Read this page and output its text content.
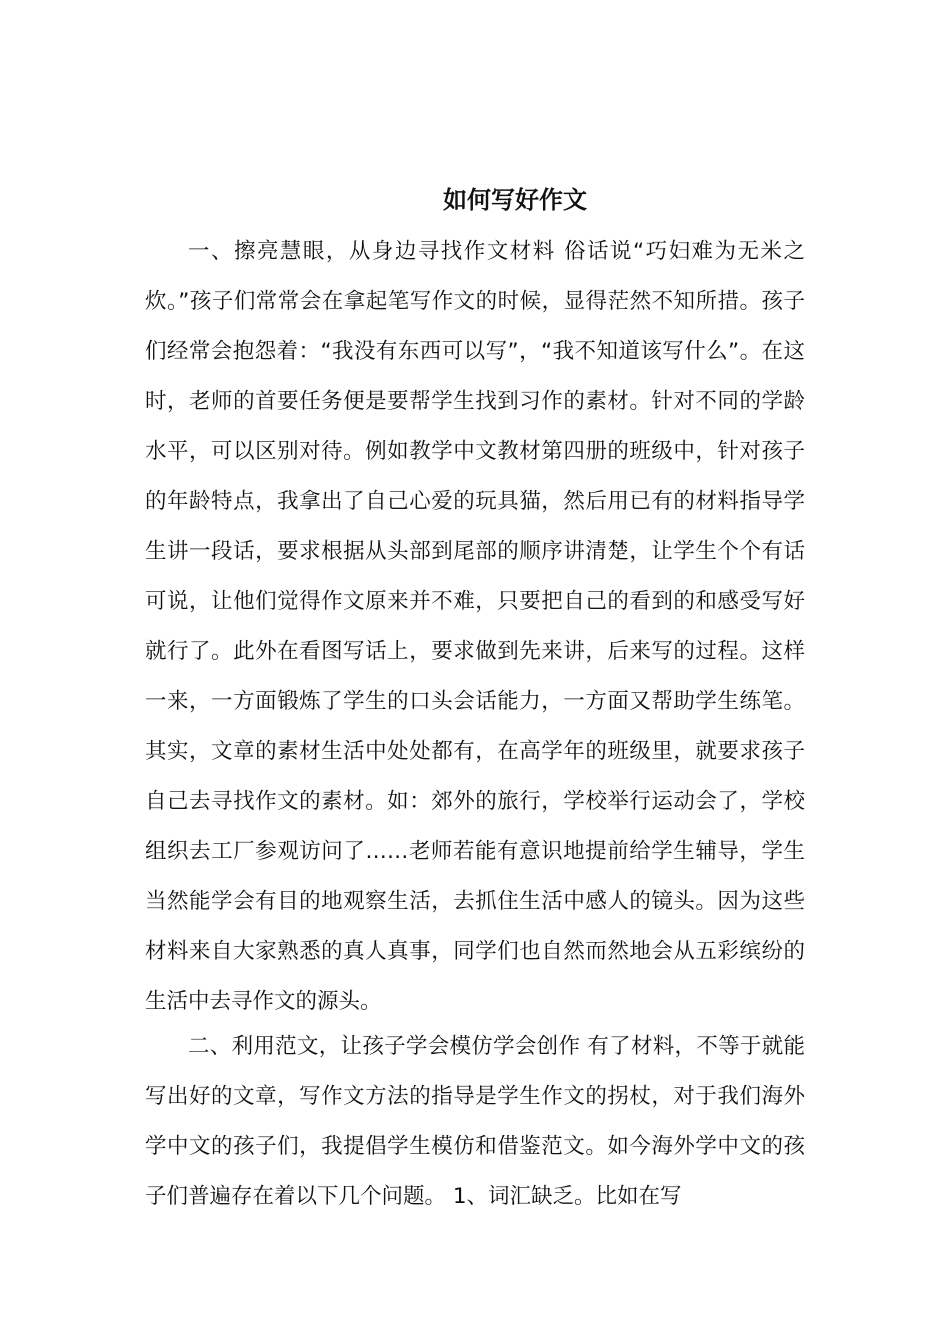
如何写好作文

一、擦亮慧眼，从身边寻找作文材料 俗话说“巧妇难为无米之炊。”孩子们常常会在拿起笔写作文的时候，显得茫然不知所措。孩子们经常会抱怨着：“我没有东西可以写”，“我不知道该写什么”。在这时，老师的首要任务便是要帮学生找到习作的素材。针对不同的学龄水平，可以区别对待。例如教学中文教材第四册的班级中，针对孩子的年龄特点，我拿出了自己心爱的玩具猫，然后用已有的材料指导学生讲一段话，要求根据从头部到尾部的顺序讲清楚，让学生个个有话可说，让他们觉得作文原来并不难，只要把自己的看到的和感受写好就行了。此外在看图写话上，要求做到先来讲，后来写的过程。这样一来，一方面锻炼了学生的口头会话能力，一方面又帮助学生练笔。其实，文章的素材生活中处处都有，在高学年的班级里，就要求孩子自己去寻找作文的素材。如：郊外的旅行，学校举行运动会了，学校组织去工厂参观访问了……老师若能有意识地提前给学生辅导，学生当然能学会有目的地观察生活，去抓住生活中感人的镜头。因为这些材料来自大家熟悉的真人真事，同学们也自然而然地会从五彩缤纷的生活中去寻作文的源头。

二、利用范文，让孩子学会模仿学会创作 有了材料，不等于就能写出好的文章，写作文方法的指导是学生作文的拐杖，对于我们海外学中文的孩子们，我提倡学生模仿和借鉴范文。如今海外学中文的孩子们普遍存在着以下几个问题。 1、词汇缺乏。比如在写
